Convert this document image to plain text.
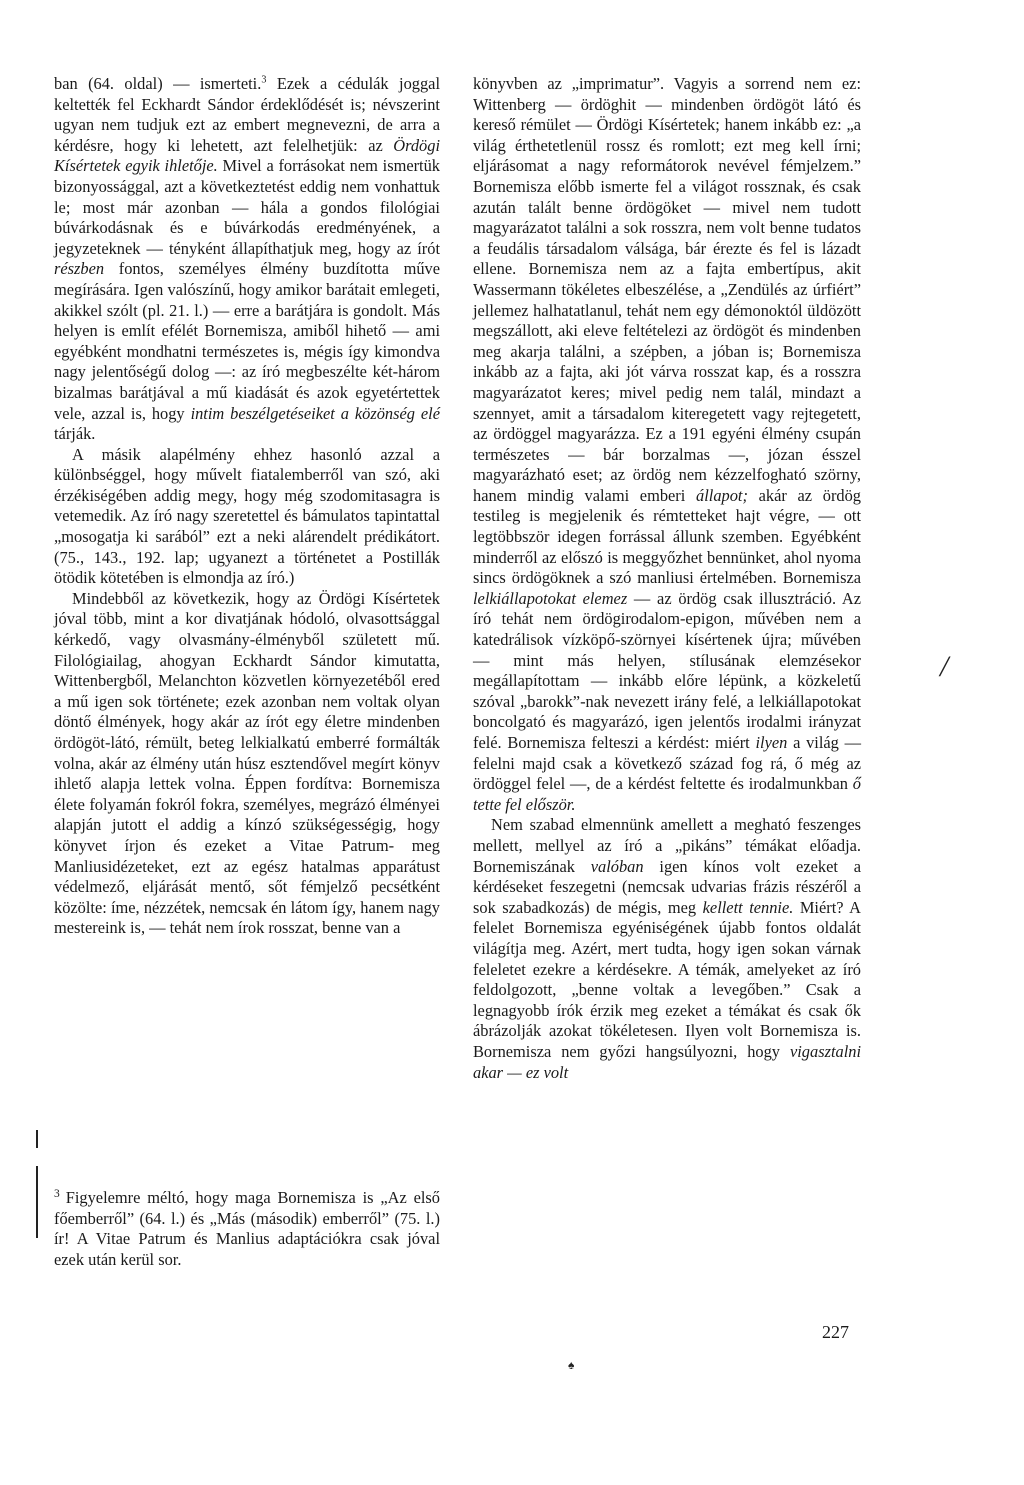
ban (64. oldal) — ismerteti.$^3$ Ezek a cédulák joggal keltették fel Eckhardt Sándor érdeklődését is; névszerint ugyan nem tudjuk ezt az embert megnevezni, de arra a kérdésre, hogy ki lehetett, azt felelhetjük: az Ördögi Kísértetek egyik ihletője. Mivel a forrásokat nem ismertük bizonyossággal, azt a következtetést eddig nem vonhattuk le; most már azonban — hála a gondos filológiai búvárkodásnak és e búvárkodás eredményének, a jegyzeteknek — tényként állapíthatjuk meg, hogy az írót részben fontos, személyes élmény buzdította műve megírására. Igen valószínű, hogy amikor barátait emlegeti, akikkel szólt (pl. 21. l.) — erre a barátjára is gondolt. Más helyen is említ efélét Bornemisza, amiből hihető — ami egyébként mondhatni természetes is, mégis így kimondva nagy jelentőségű dolog —: az író megbeszélte két-három bizalmas barátjával a mű kiadását és azok egyetértettek vele, azzal is, hogy intim beszélgetéseiket a közönség elé tárják.

A másik alapélmény ehhez hasonló azzal a különbséggel, hogy művelt fiatalemberről van szó, aki érzékiségében addig megy, hogy még szodomitasagra is vetemedik. Az író nagy szeretettel és bámulatos tapintattal „mosogatja ki sarából” ezt a neki alárendelt prédikátort. (75., 143., 192. lap; ugyanezt a történetet a Postillák ötödik kötetében is elmondja az író.)

Mindebből az következik, hogy az Ördögi Kísértetek jóval több, mint a kor divatjának hódoló, olvasottsággal kérkedő, vagy olvasmány-élményből született mű. Filológiailag, ahogyan Eckhardt Sándor kimutatta, Wittenbergből, Melanchton közvetlen környezetéből ered a mű igen sok története; ezek azonban nem voltak olyan döntő élmények, hogy akár az írót egy életre mindenben ördögöt-látó, rémült, beteg lelkialkatú emberré formálták volna, akár az élmény után húsz esztendővel megírt könyv ihlető alapja lettek volna. Éppen fordítva: Bornemisza élete folyamán fokról fokra, személyes, megrázó élményei alapján jutott el addig a kínzó szükségességig, hogy könyvet írjon és ezeket a Vitae Patrum- meg Manliusidézeteket, ezt az egész hatalmas apparátust védelmező, eljárását mentő, sőt fémjelző pecsétként közölte: íme, nézzétek, nemcsak én látom így, hanem nagy mestereink is, — tehát nem írok rosszat, benne van a

$^3$ Figyelemre méltó, hogy maga Bornemisza is „Az első főemberről” (64. l.) és „Más (második) emberről” (75. l.) ír! A Vitae Patrum és Manlius adaptációkra csak jóval ezek után kerül sor.

könyvben az „imprimatur”. Vagyis a sorrend nem ez: Wittenberg — ördöghit — mindenben ördögöt látó és kereső rémület — Ördögi Kísértetek; hanem inkább ez: „a világ érthetetlenül rossz és romlott; ezt meg kell írni; eljárásomat a nagy reformátorok nevével fémjelzem.” Bornemisza előbb ismerte fel a világot rossznak, és csak azután talált benne ördögöket — mivel nem tudott magyarázatot találni a sok rosszra, nem volt benne tudatos a feudális társadalom válsága, bár érezte és fel is lázadt ellene. Bornemisza nem az a fajta embertípus, akit Wassermann tökéletes elbeszélése, a „Zendülés az úrfiért” jellemez halhatatlanul, tehát nem egy démonoktól üldözött megszállott, aki eleve feltételezi az ördögöt és mindenben meg akarja találni, a szépben, a jóban is; Bornemisza inkább az a fajta, aki jót várva rosszat kap, és a rosszra magyarázatot keres; mivel pedig nem talál, mindazt a szennyet, amit a társadalom kiteregetett vagy rejtegetett, az ördöggel magyarázza. Ez a 191 egyéni élmény csupán természetes — bár borzalmas —, józan ésszel magyarázható eset; az ördög nem kézzelfogható szörny, hanem mindig valami emberi állapot; akár az ördög testileg is megjelenik és rémtetteket hajt végre, — ott legtöbbször idegen forrással állunk szemben. Egyébként minderről az előszó is meggyőzhet bennünket, ahol nyoma sincs ördögöknek a szó manliusi értelmében. Bornemisza lelkiállapotokat elemez — az ördög csak illusztráció. Az író tehát nem ördögirodalom-epigon, művében nem a katedrálisok vízköpő-szörnyei kísértenek újra; művében — mint más helyen, stílusának elemzésekor megállapítottam — inkább előre lépünk, a közkeletű szóval „barokk”-nak nevezett irány felé, a lelkiállapotokat boncolgató és magyarázó, igen jelentős irodalmi irányzat felé. Bornemisza felteszi a kérdést: miért ilyen a világ — felelni majd csak a következő század fog rá, ő még az ördöggel felel —, de a kérdést feltette és irodalmunkban ő tette fel először.

Nem szabad elmennünk amellett a megható feszenges mellett, mellyel az író a „pikáns” témákat előadja. Bornemiszának valóban igen kínos volt ezeket a kérdéseket feszegetni (nemcsak udvarias frázis részéről a sok szabadkozás) de mégis, meg kellett tennie. Miért? A felelet Bornemisza egyéniségének újabb fontos oldalát világítja meg. Azért, mert tudta, hogy igen sokan várnak feleletet ezekre a kérdésekre. A témák, amelyeket az író feldolgozott, „benne voltak a levegőben.” Csak a legnagyobb írók érzik meg ezeket a témákat és csak ők ábrázolják azokat tökéletesen. Ilyen volt Bornemisza is. Bornemisza nem győzi hangsúlyozni, hogy vigasztalni akar — ez volt

227
/
♠
